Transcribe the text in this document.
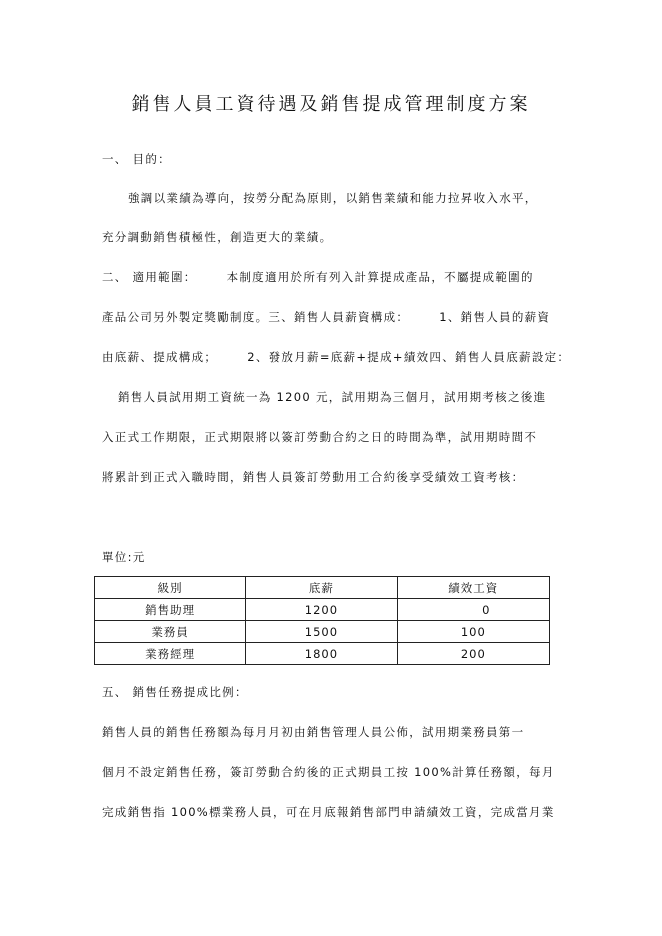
銷售人員工資待遇及銷售提成管理制度方案
一、 目的：
強調以業績為導向，按勞分配為原則，以銷售業績和能力拉昇收入水平，
充分調動銷售積極性，創造更大的業績。
二、 適用範圍：	本制度適用於所有列入計算提成產品，不屬提成範圍的
產品公司另外製定獎勵制度。三、銷售人員薪資構成：	1、銷售人員的薪資
由底薪、提成構成；	2、發放月薪=底薪+提成+績效四、銷售人員底薪設定：
銷售人員試用期工資統一為 1200 元，試用期為三個月，試用期考核之後進
入正式工作期限，正式期限將以簽訂勞動合約之日的時間為準，試用期時間不
將累計到正式入職時間，銷售人員簽訂勞動用工合約後享受績效工資考核：
單位:元
級別	底薪	績效工資
銷售助理	1200	0
業務員	1500	100
業務經理	1800	200
五、 銷售任務提成比例：
銷售人員的銷售任務額為每月月初由銷售管理人員公佈，試用期業務員第一
個月不設定銷售任務，簽訂勞動合約後的正式期員工按 100%計算任務額，每月
完成銷售指 100%標業務人員，可在月底報銷售部門申請績效工資，完成當月業
